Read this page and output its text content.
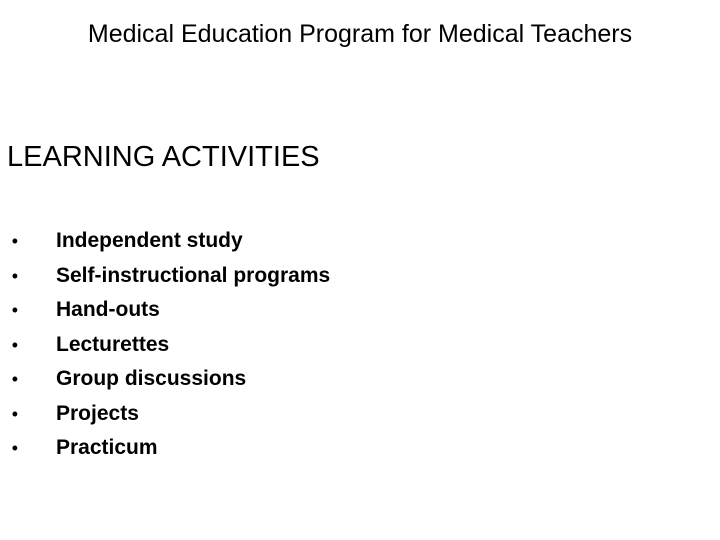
Medical Education Program for Medical Teachers
LEARNING ACTIVITIES
• Independent study
• Self-instructional programs
• Hand-outs
• Lecturettes
• Group discussions
• Projects
• Practicum
